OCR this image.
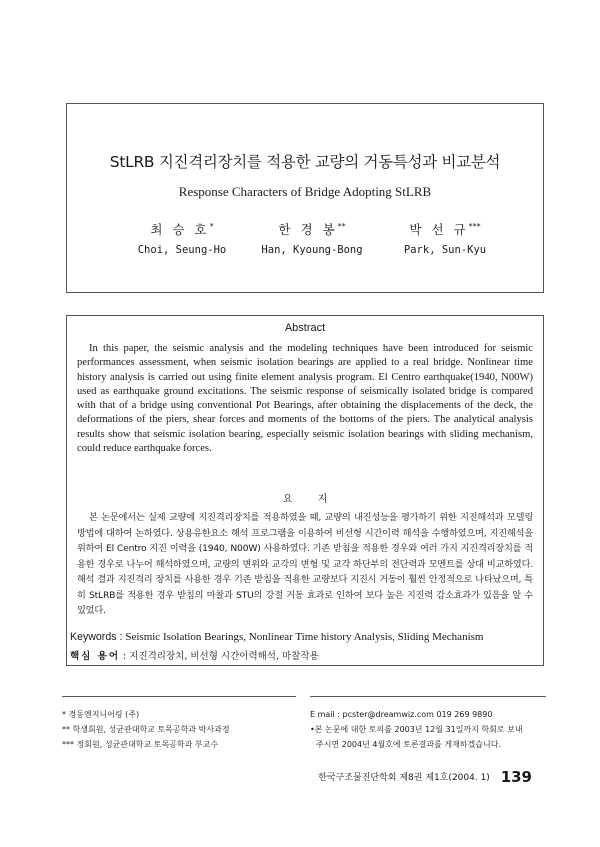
StLRB 지진격리장치를 적용한 교량의 거동특성과 비교분석
Response Characters of Bridge Adopting StLRB
최 승 호*
Choi, Seung-Ho
한 경 봉**
Han, Kyoung-Bong
박 선 규***
Park, Sun-Kyu
Abstract

In this paper, the seismic analysis and the modeling techniques have been introduced for seismic performances assessment, when seismic isolation bearings are applied to a real bridge. Nonlinear time history analysis is carried out using finite element analysis program. El Centro earthquake(1940, N00W) used as earthquake ground excitations. The seismic response of seismically isolated bridge is compared with that of a bridge using conventional Pot Bearings, after obtaining the displacements of the deck, the deformations of the piers, shear forces and moments of the bottoms of the piers. The analytical analysis results show that seismic isolation bearing, especially seismic isolation bearings with sliding mechanism, could reduce earthquake forces.

요 지

본 논문에서는 실제 교량에 지진격리장치를 적용하였을 때, 교량의 내진성능을 평가하기 위한 지진해석과 모델링 방법에 대하여 논하였다. 상용유한요소 해석 프로그램을 이용하여 비선형 시간이력 해석을 수행하였으며, 지진해석을 위하여 El Centro 지진 이력을 (1940, N00W) 사용하였다. 기존 받침을 적용한 경우와 여러 가지 지진격리장치를 적용한 경우로 나누어 해석하였으며, 교량의 변위와 교각의 변형 및 교각 하단부의 전단력과 모멘트를 상대 비교하였다. 해석 결과 지진격리 장치를 사용한 경우 기존 받침을 적용한 교량보다 지진시 거동이 훨씬 안정적으로 나타났으며, 특히 StLRB를 적용한 경우 받침의 마찰과 STU의 강절 거동 효과로 인하여 보다 높은 지진력 감소효과가 있음을 알 수 있었다.

Keywords : Seismic Isolation Bearings, Nonlinear Time history Analysis, Sliding Mechanism
핵심 용어 : 지진격리장치, 비선형 시간이력해석, 마찰작용
* 경동엔지니어링 (주)
** 학생회원, 성균관대학교 토목공학과 박사과정
*** 정회원, 성균관대학교 토목공학과 부교수
E mail : pcster@dreamwiz.com 019 269 9890
•본 논문에 대한 토의를 2003년 12월 31일까지 학회로 보내
주시면 2004년 4월호에 토론결과를 게재하겠습니다.
한국구조물진단학회 제8권 제1호(2004. 1) 139
